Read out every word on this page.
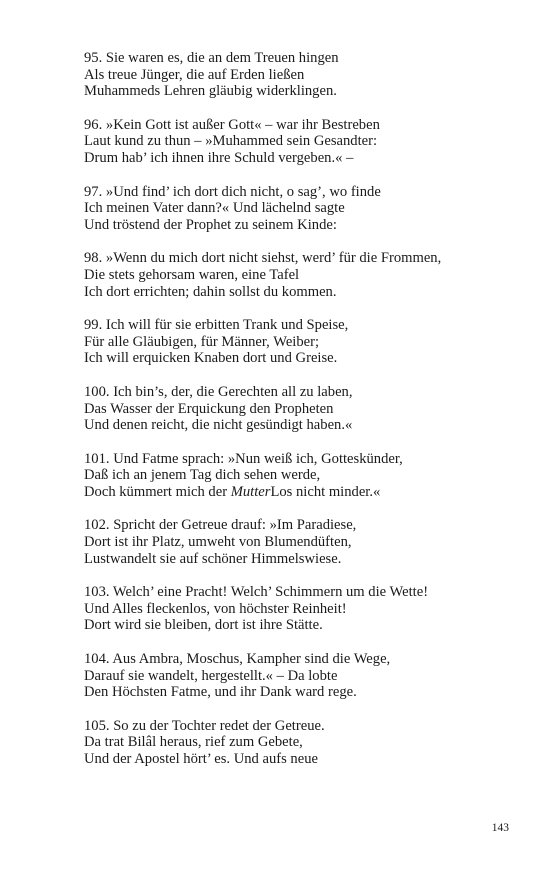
95. Sie waren es, die an dem Treuen hingen
Als treue Jünger, die auf Erden ließen
Muhammeds Lehren gläubig widerklingen.
96. »Kein Gott ist außer Gott« – war ihr Bestreben
Laut kund zu thun – »Muhammed sein Gesandter:
Drum hab’ ich ihnen ihre Schuld vergeben.« –
97. »Und find’ ich dort dich nicht, o sag’, wo finde
Ich meinen Vater dann?« Und lächelnd sagte
Und tröstend der Prophet zu seinem Kinde:
98. »Wenn du mich dort nicht siehst, werd’ für die Frommen,
Die stets gehorsam waren, eine Tafel
Ich dort errichten; dahin sollst du kommen.
99. Ich will für sie erbitten Trank und Speise,
Für alle Gläubigen, für Männer, Weiber;
Ich will erquicken Knaben dort und Greise.
100. Ich bin’s, der, die Gerechten all zu laben,
Das Wasser der Erquickung den Propheten
Und denen reicht, die nicht gesündigt haben.«
101. Und Fatme sprach: »Nun weiß ich, Gotteskünder,
Daß ich an jenem Tag dich sehen werde,
Doch kümmert mich der MutterLos nicht minder.«
102. Spricht der Getreue drauf: »Im Paradiese,
Dort ist ihr Platz, umweht von Blumendüften,
Lustwandelt sie auf schöner Himmelswiese.
103. Welch’ eine Pracht! Welch’ Schimmern um die Wette!
Und Alles fleckenlos, von höchster Reinheit!
Dort wird sie bleiben, dort ist ihre Stätte.
104. Aus Ambra, Moschus, Kampher sind die Wege,
Darauf sie wandelt, hergestellt.« – Da lobte
Den Höchsten Fatme, und ihr Dank ward rege.
105. So zu der Tochter redet der Getreue.
Da trat Bilâl heraus, rief zum Gebete,
Und der Apostel hört’ es. Und aufs neue
143
